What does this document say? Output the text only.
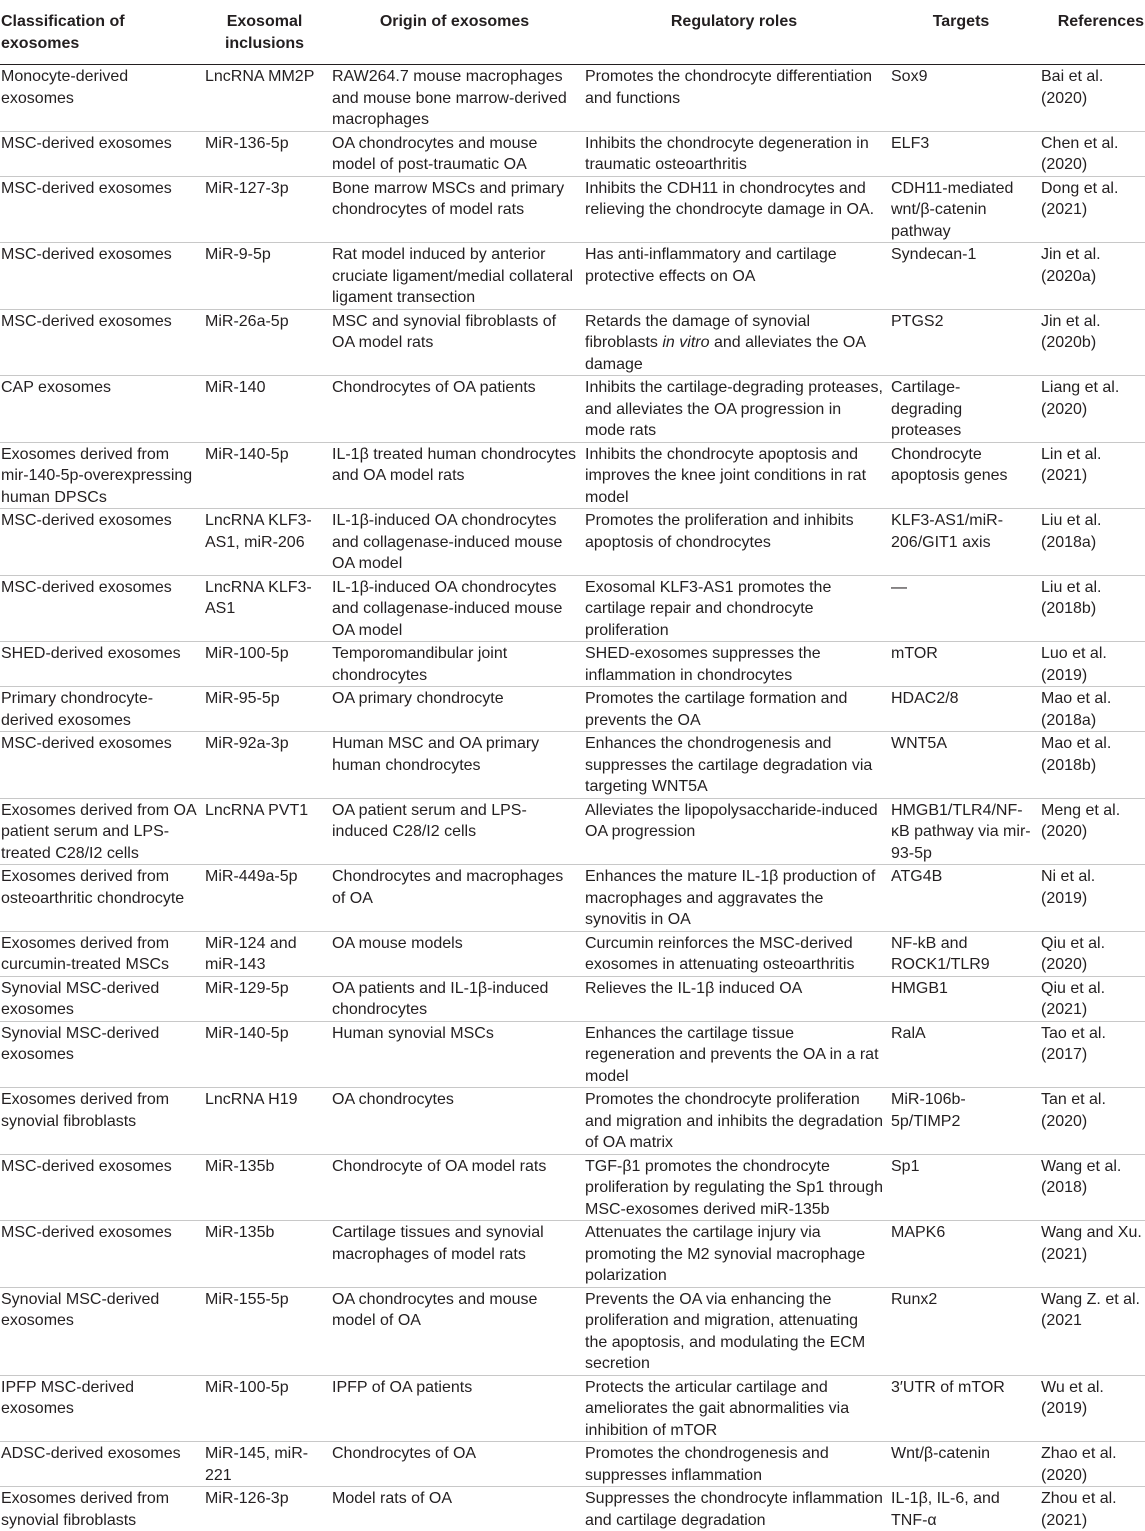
Classification of exosomes	Exosomal inclusions	Origin of exosomes	Regulatory roles	Targets	References

Monocyte-derived exosomes	LncRNA MM2P	RAW264.7 mouse macrophages and mouse bone marrow-derived macrophages	Promotes the chondrocyte differentiation and functions	Sox9	Bai et al. (2020)

MSC-derived exosomes	MiR-136-5p	OA chondrocytes and mouse model of post-traumatic OA	Inhibits the chondrocyte degeneration in traumatic osteoarthritis	ELF3	Chen et al. (2020)

MSC-derived exosomes	MiR-127-3p	Bone marrow MSCs and primary chondrocytes of model rats	Inhibits the CDH11 in chondrocytes and relieving the chondrocyte damage in OA.	CDH11-mediated wnt/β-catenin pathway	Dong et al. (2021)

MSC-derived exosomes	MiR-9-5p	Rat model induced by anterior cruciate ligament/medial collateral ligament transection	Has anti-inflammatory and cartilage protective effects on OA	Syndecan-1	Jin et al. (2020a)

MSC-derived exosomes	MiR-26a-5p	MSC and synovial fibroblasts of OA model rats	Retards the damage of synovial fibroblasts in vitro and alleviates the OA damage	PTGS2	Jin et al. (2020b)

CAP exosomes	MiR-140	Chondrocytes of OA patients	Inhibits the cartilage-degrading proteases, and alleviates the OA progression in mode rats	Cartilage-degrading proteases	Liang et al. (2020)

Exosomes derived from mir-140-5p-overexpressing human DPSCs	MiR-140-5p	IL-1β treated human chondrocytes and OA model rats	Inhibits the chondrocyte apoptosis and improves the knee joint conditions in rat model	Chondrocyte apoptosis genes	Lin et al. (2021)

MSC-derived exosomes	LncRNA KLF3-AS1, miR-206	IL-1β-induced OA chondrocytes and collagenase-induced mouse OA model	Promotes the proliferation and inhibits apoptosis of chondrocytes	KLF3-AS1/miR-206/GIT1 axis	Liu et al. (2018a)

MSC-derived exosomes	LncRNA KLF3-AS1	IL-1β-induced OA chondrocytes and collagenase-induced mouse OA model	Exosomal KLF3-AS1 promotes the cartilage repair and chondrocyte proliferation	—	Liu et al. (2018b)

SHED-derived exosomes	MiR-100-5p	Temporomandibular joint chondrocytes	SHED-exosomes suppresses the inflammation in chondrocytes	mTOR	Luo et al. (2019)

Primary chondrocyte-derived exosomes	MiR-95-5p	OA primary chondrocyte	Promotes the cartilage formation and prevents the OA	HDAC2/8	Mao et al. (2018a)

MSC-derived exosomes	MiR-92a-3p	Human MSC and OA primary human chondrocytes	Enhances the chondrogenesis and suppresses the cartilage degradation via targeting WNT5A	WNT5A	Mao et al. (2018b)

Exosomes derived from OA patient serum and LPS-treated C28/I2 cells	LncRNA PVT1	OA patient serum and LPS-induced C28/I2 cells	Alleviates the lipopolysaccharide-induced OA progression	HMGB1/TLR4/NF-κB pathway via mir-93-5p	Meng et al. (2020)

Exosomes derived from osteoarthritic chondrocyte	MiR-449a-5p	Chondrocytes and macrophages of OA	Enhances the mature IL-1β production of macrophages and aggravates the synovitis in OA	ATG4B	Ni et al. (2019)

Exosomes derived from curcumin-treated MSCs	MiR-124 and miR-143	OA mouse models	Curcumin reinforces the MSC-derived exosomes in attenuating osteoarthritis	NF-kB and ROCK1/TLR9	Qiu et al. (2020)

Synovial MSC-derived exosomes	MiR-129-5p	OA patients and IL-1β-induced chondrocytes	Relieves the IL-1β induced OA	HMGB1	Qiu et al. (2021)

Synovial MSC-derived exosomes	MiR-140-5p	Human synovial MSCs	Enhances the cartilage tissue regeneration and prevents the OA in a rat model	RalA	Tao et al. (2017)

Exosomes derived from synovial fibroblasts	LncRNA H19	OA chondrocytes	Promotes the chondrocyte proliferation and migration and inhibits the degradation of OA matrix	MiR-106b-5p/TIMP2	Tan et al. (2020)

MSC-derived exosomes	MiR-135b	Chondrocyte of OA model rats	TGF-β1 promotes the chondrocyte proliferation by regulating the Sp1 through MSC-exosomes derived miR-135b	Sp1	Wang et al. (2018)

MSC-derived exosomes	MiR-135b	Cartilage tissues and synovial macrophages of model rats	Attenuates the cartilage injury via promoting the M2 synovial macrophage polarization	MAPK6	Wang and Xu. (2021)

Synovial MSC-derived exosomes	MiR-155-5p	OA chondrocytes and mouse model of OA	Prevents the OA via enhancing the proliferation and migration, attenuating the apoptosis, and modulating the ECM secretion	Runx2	Wang Z. et al. (2021

IPFP MSC-derived exosomes	MiR-100-5p	IPFP of OA patients	Protects the articular cartilage and ameliorates the gait abnormalities via inhibition of mTOR	3′UTR of mTOR	Wu et al. (2019)

ADSC-derived exosomes	MiR-145, miR-221	Chondrocytes of OA	Promotes the chondrogenesis and suppresses inflammation	Wnt/β-catenin	Zhao et al. (2020)

Exosomes derived from synovial fibroblasts	MiR-126-3p	Model rats of OA	Suppresses the chondrocyte inflammation and cartilage degradation	IL-1β, IL-6, and TNF-α	Zhou et al. (2021)
